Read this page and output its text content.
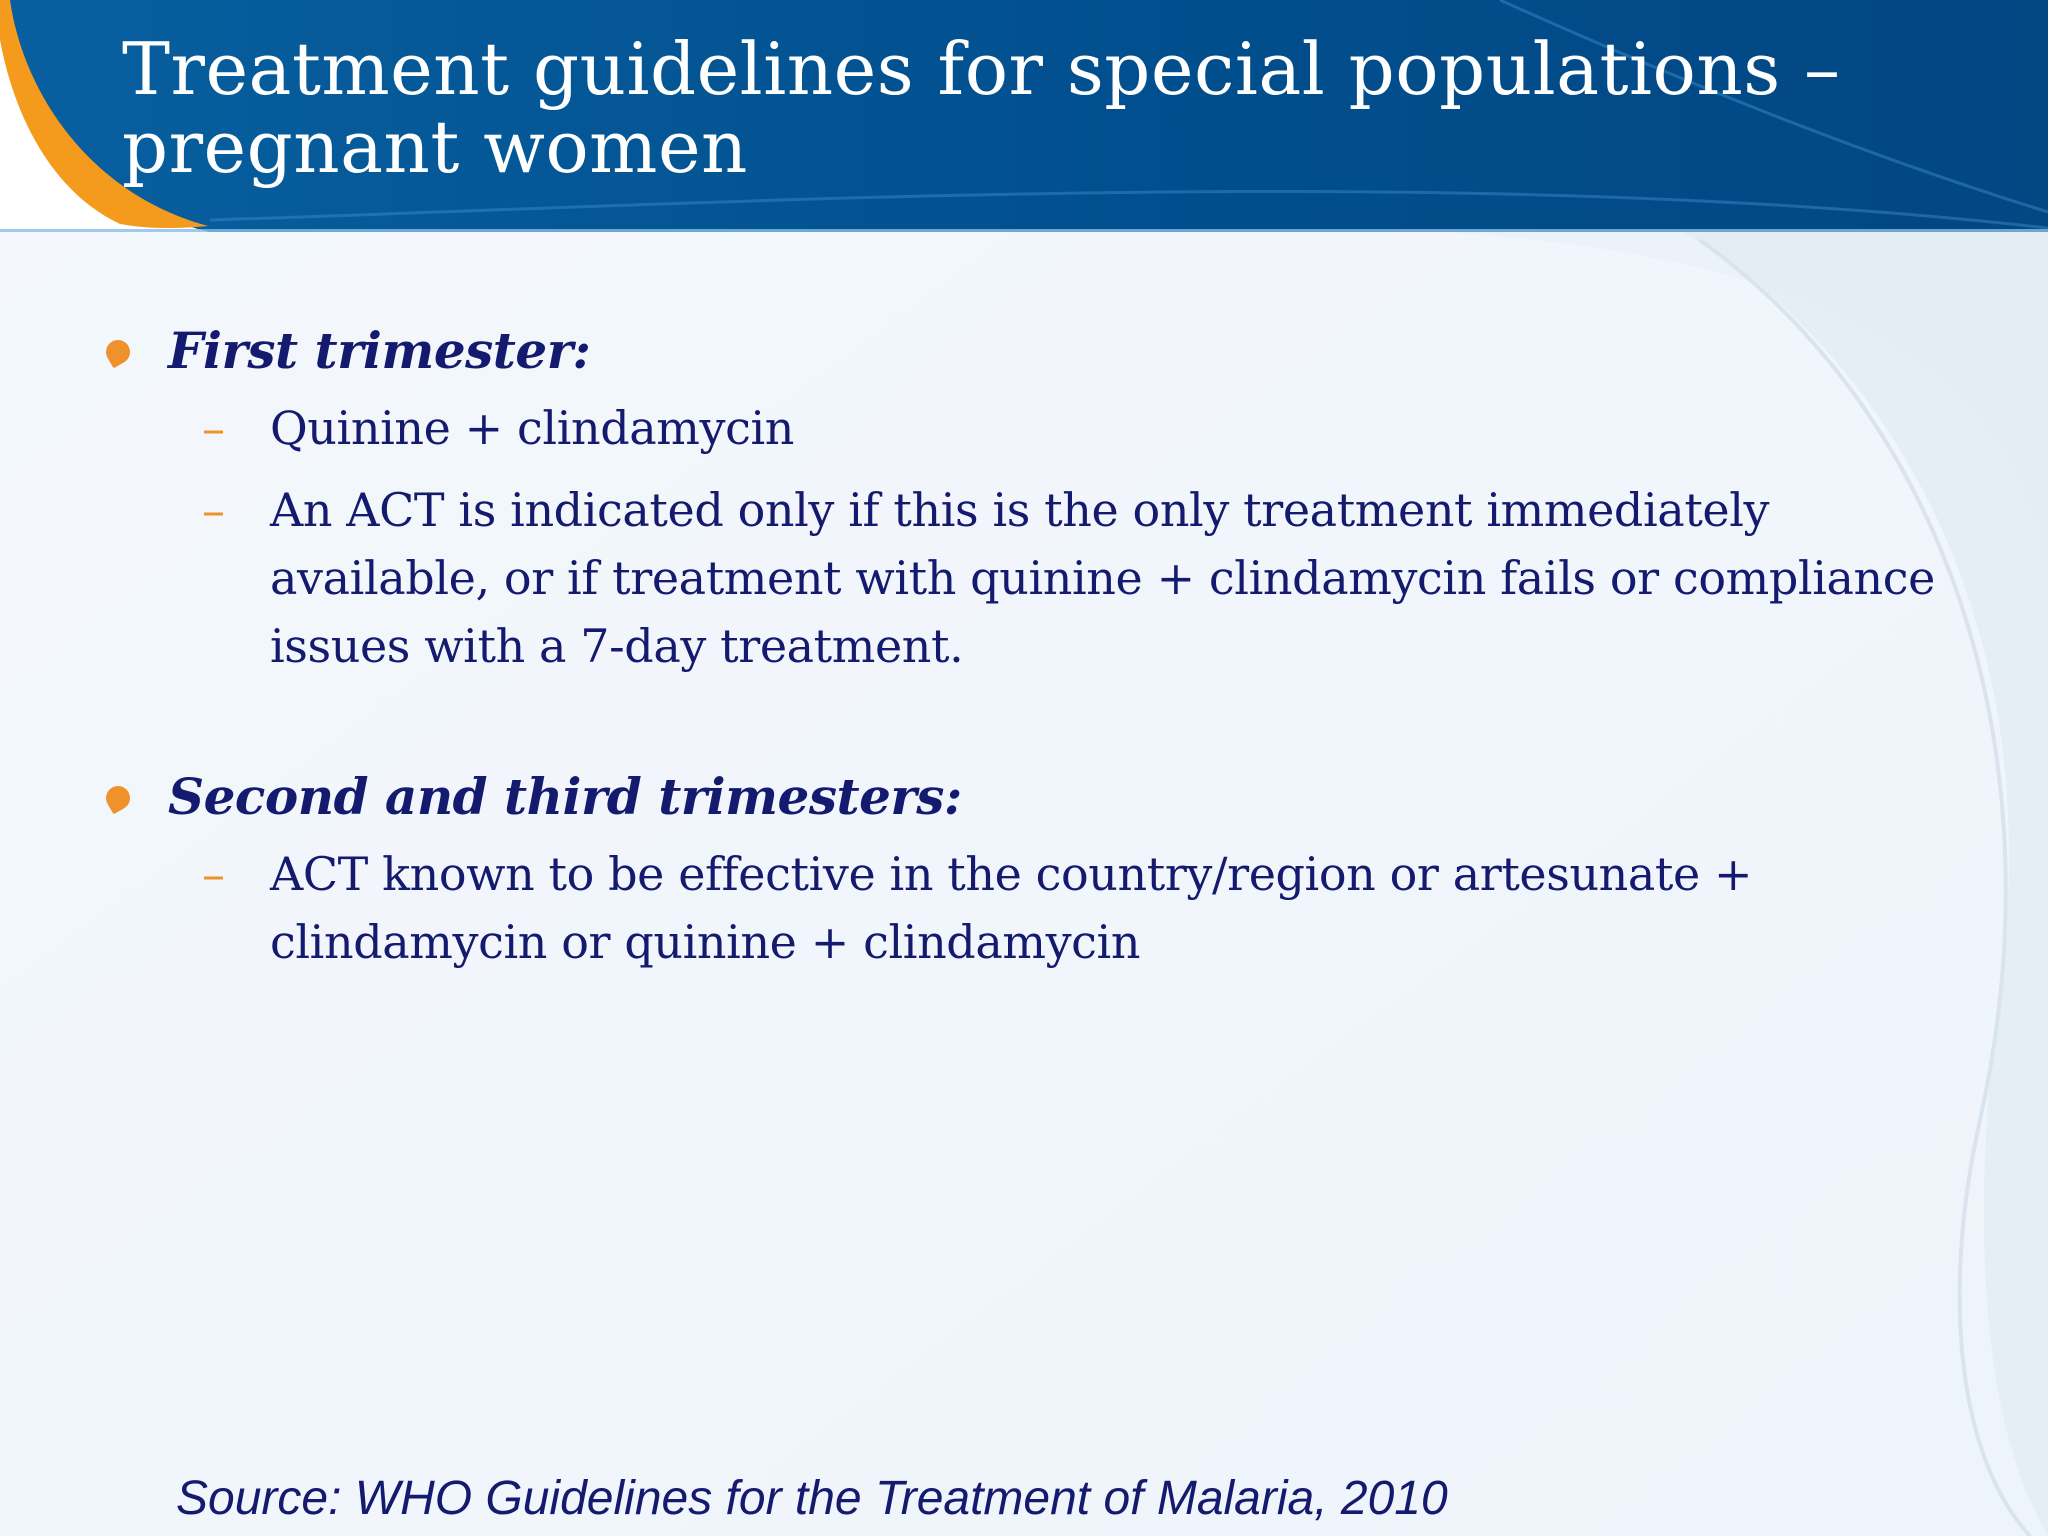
Treatment guidelines for special populations –pregnant women
First trimester:
– Quinine + clindamycin
– An ACT is indicated only if this is the only treatment immediately available, or if treatment with quinine + clindamycin fails or compliance issues with a 7-day treatment.
Second and third trimesters:
– ACT known to be effective in the country/region or artesunate + clindamycin or quinine + clindamycin

Source: WHO Guidelines for the Treatment of Malaria, 2010
